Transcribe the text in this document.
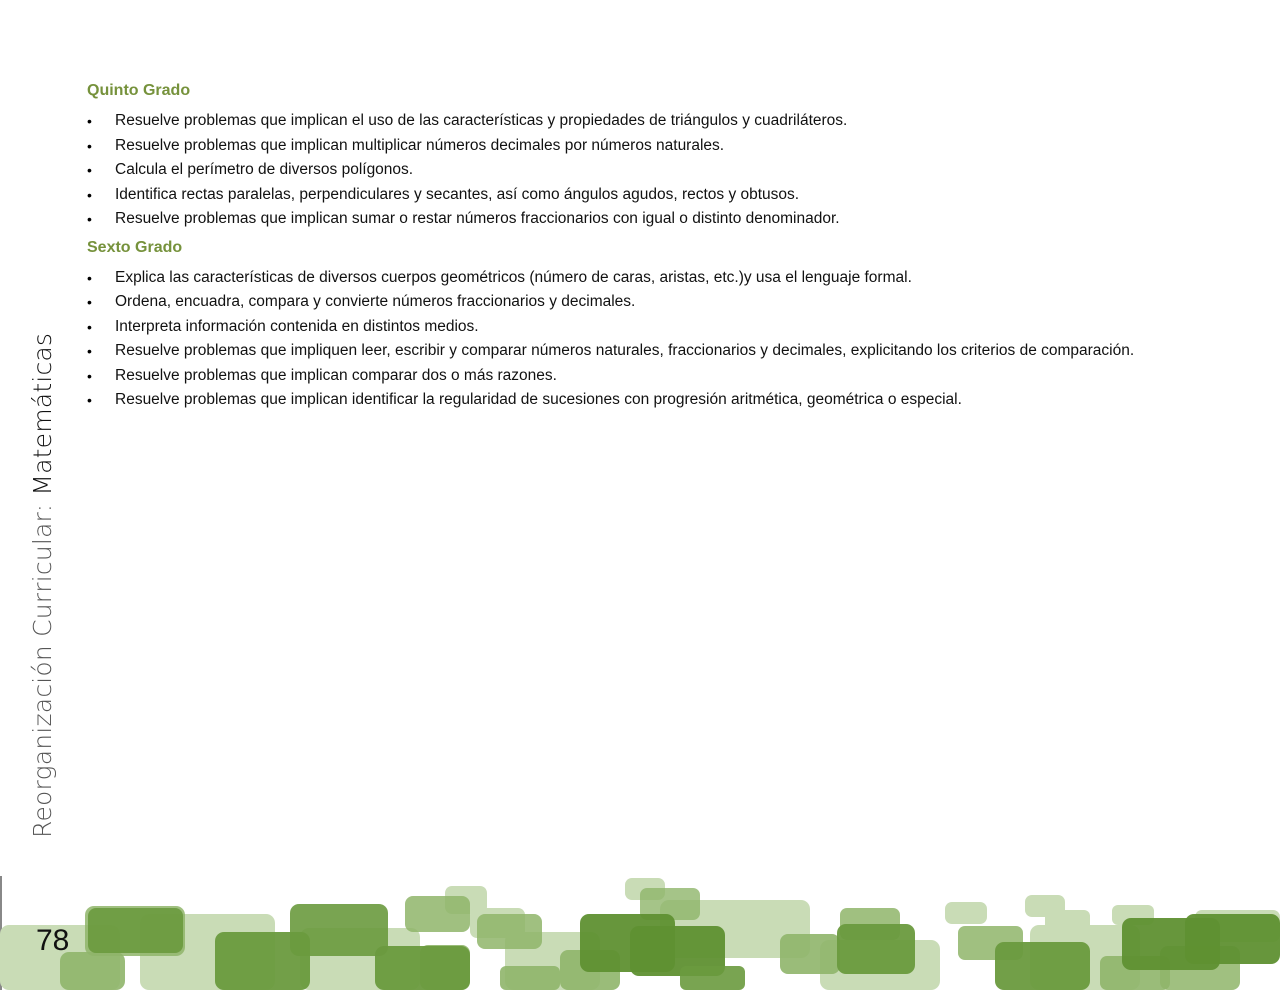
Quinto Grado
•	Resuelve problemas que implican el uso de las características y propiedades de triángulos y cuadriláteros.
•	Resuelve problemas que implican multiplicar números decimales por números naturales.
•	Calcula el perímetro de diversos polígonos.
•	Identifica rectas paralelas, perpendiculares y secantes, así como ángulos agudos, rectos y obtusos.
•	Resuelve problemas que implican sumar o restar números fraccionarios con igual o distinto denominador.
Sexto Grado
•	Explica las características de diversos cuerpos geométricos (número de caras, aristas, etc.)y usa el lenguaje formal.
•	Ordena, encuadra, compara y convierte números fraccionarios y decimales.
•	Interpreta información contenida en distintos medios.
•	Resuelve problemas que impliquen leer, escribir y comparar números naturales, fraccionarios y decimales, explicitando los criterios de comparación.
•	Resuelve problemas que implican comparar dos o más razones.
•	Resuelve problemas que implican identificar la regularidad de sucesiones con progresión aritmética, geométrica o especial.
Reorganización Curricular: Matemáticas
78
